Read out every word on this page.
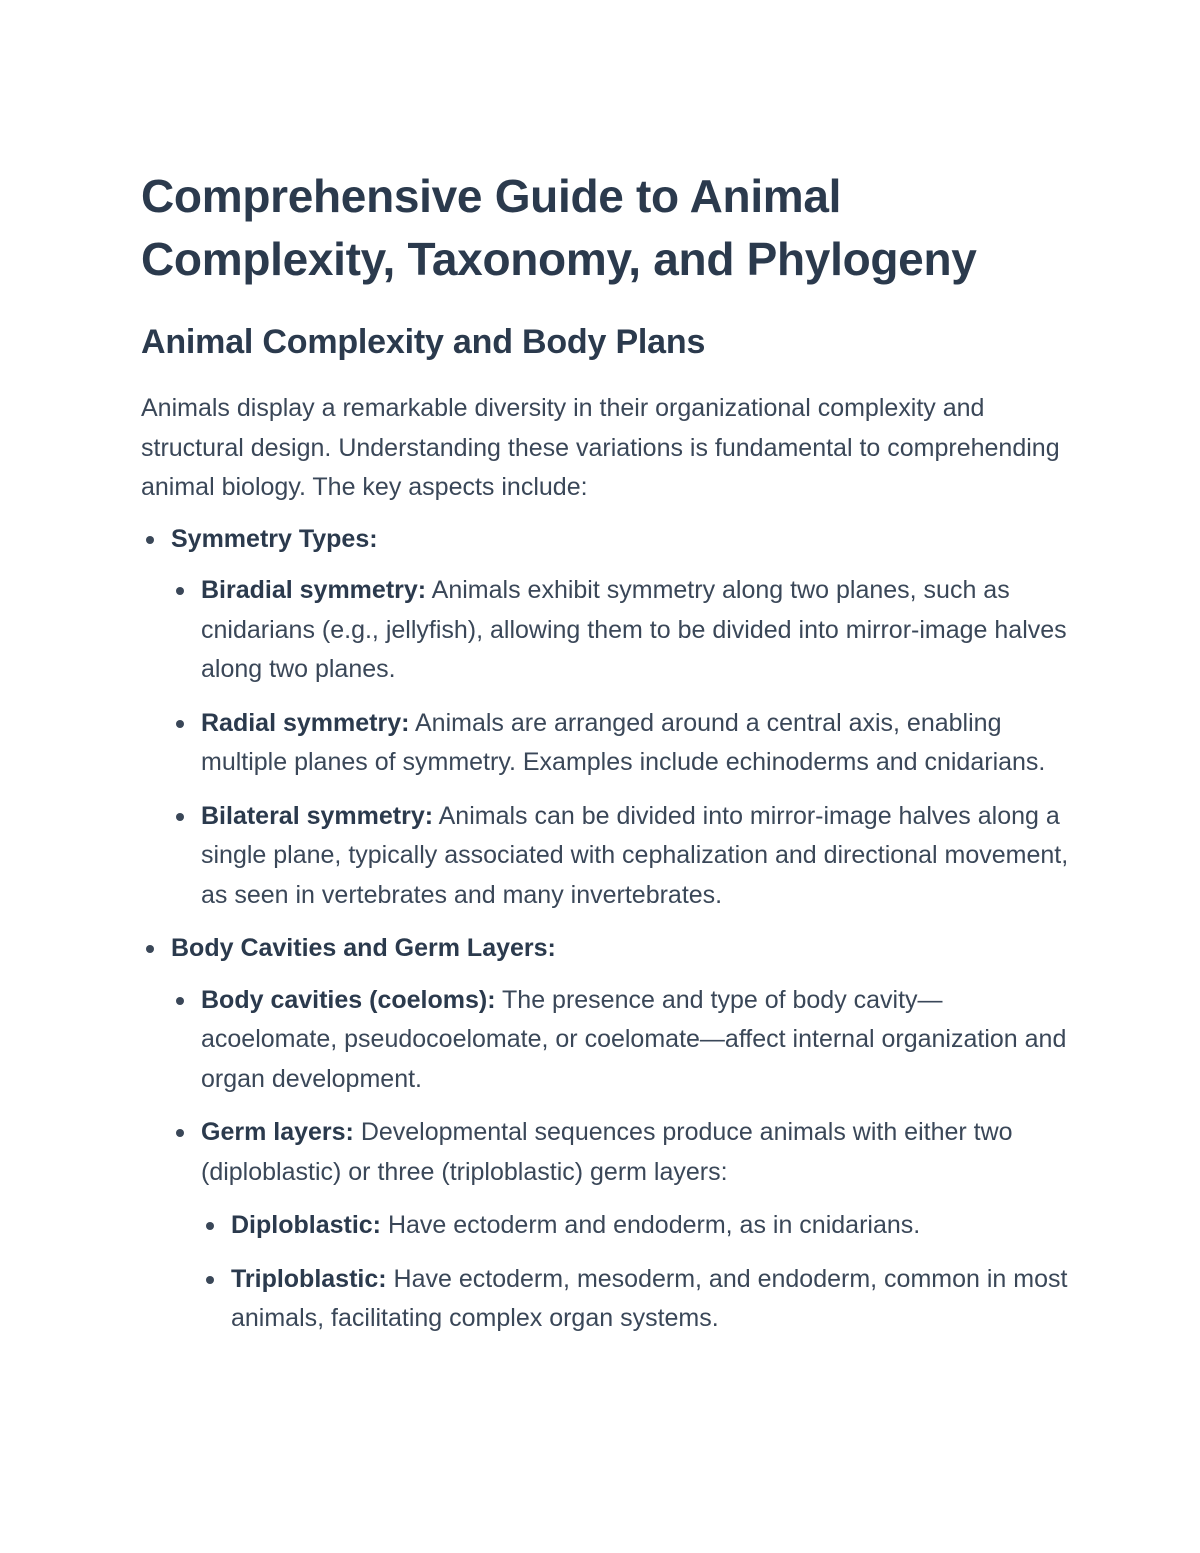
Comprehensive Guide to Animal Complexity, Taxonomy, and Phylogeny
Animal Complexity and Body Plans

Animals display a remarkable diversity in their organizational complexity and structural design. Understanding these variations is fundamental to comprehending animal biology. The key aspects include:

Symmetry Types:
Biradial symmetry: Animals exhibit symmetry along two planes, such as cnidarians (e.g., jellyfish), allowing them to be divided into mirror-image halves along two planes.
Radial symmetry: Animals are arranged around a central axis, enabling multiple planes of symmetry. Examples include echinoderms and cnidarians.
Bilateral symmetry: Animals can be divided into mirror-image halves along a single plane, typically associated with cephalization and directional movement, as seen in vertebrates and many invertebrates.
Body Cavities and Germ Layers:
Body cavities (coeloms): The presence and type of body cavity—acoelomate, pseudocoelomate, or coelomate—affect internal organization and organ development.
Germ layers: Developmental sequences produce animals with either two (diploblastic) or three (triploblastic) germ layers:
Diploblastic: Have ectoderm and endoderm, as in cnidarians.
Triploblastic: Have ectoderm, mesoderm, and endoderm, common in most animals, facilitating complex organ systems.
